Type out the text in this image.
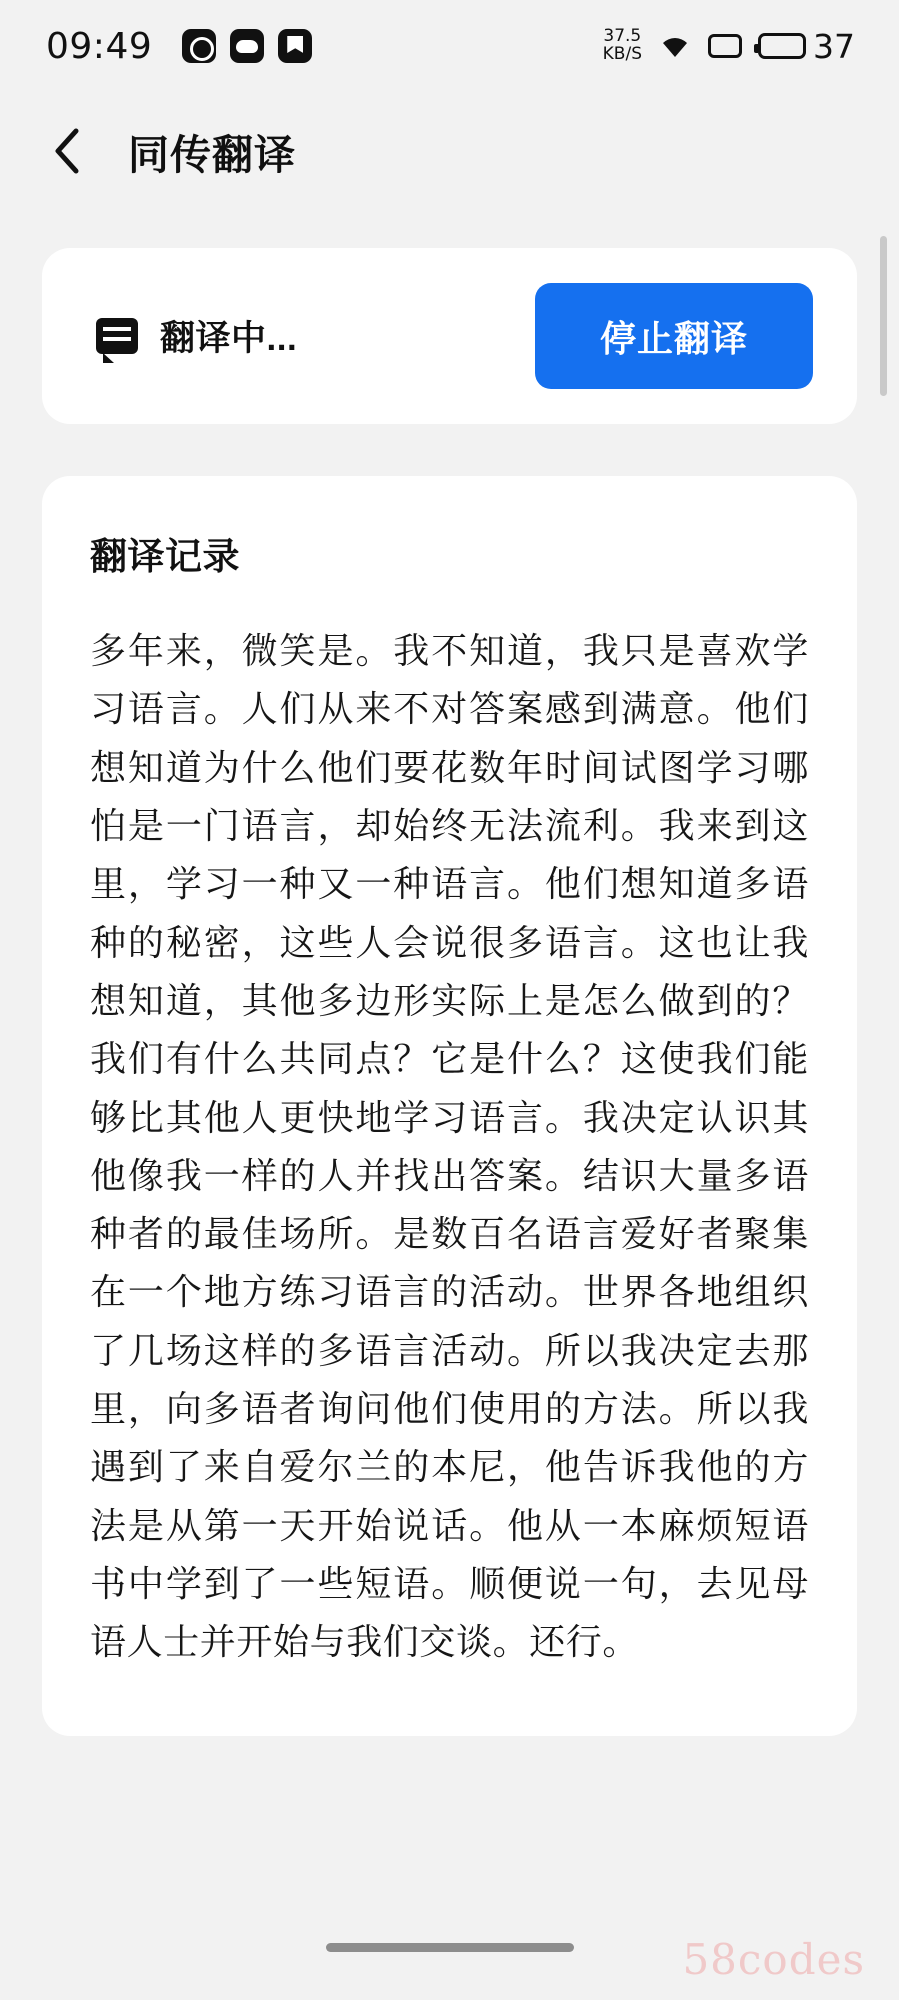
09:49	37.5
KB/S	37
同传翻译
翻译中...	停止翻译
翻译记录
多年来，微笑是。我不知道，我只是喜欢学习语言。人们从来不对答案感到满意。他们想知道为什么他们要花数年时间试图学习哪怕是一门语言，却始终无法流利。我来到这里，学习一种又一种语言。他们想知道多语种的秘密，这些人会说很多语言。这也让我想知道，其他多边形实际上是怎么做到的？我们有什么共同点？它是什么？这使我们能够比其他人更快地学习语言。我决定认识其他像我一样的人并找出答案。结识大量多语种者的最佳场所。是数百名语言爱好者聚集在一个地方练习语言的活动。世界各地组织了几场这样的多语言活动。所以我决定去那里，向多语者询问他们使用的方法。所以我遇到了来自爱尔兰的本尼，他告诉我他的方法是从第一天开始说话。他从一本麻烦短语书中学到了一些短语。顺便说一句，去见母语人士并开始与我们交谈。还行。
58codes
